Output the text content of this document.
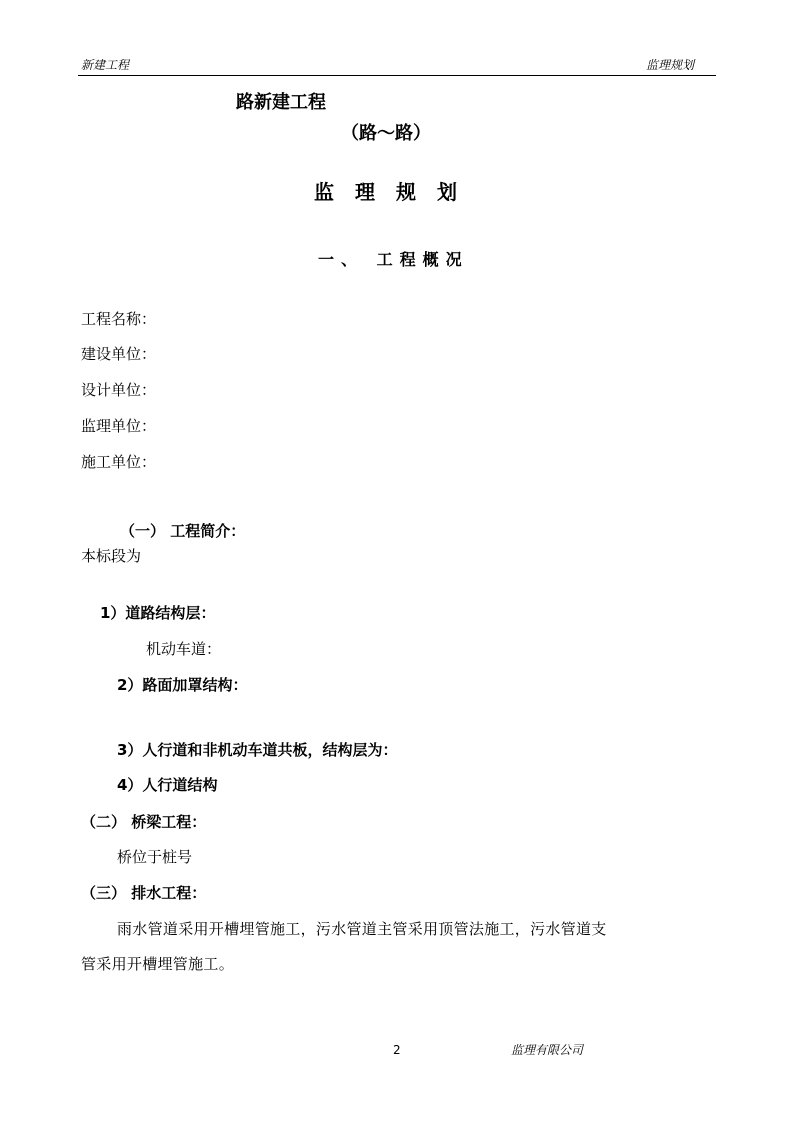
新建工程	监理规划
路新建工程
（路～路）
监理规划
一、 工程概况
工程名称：
建设单位：
设计单位：
监理单位：
施工单位：
（一） 工程简介：
本标段为
1）道路结构层：
机动车道：
2）路面加罩结构：
3）人行道和非机动车道共板，结构层为：
4）人行道结构
（二） 桥梁工程：
桥位于桩号
（三） 排水工程：
雨水管道采用开槽埋管施工，污水管道主管采用顶管法施工，污水管道支
管采用开槽埋管施工。
2	监理有限公司
